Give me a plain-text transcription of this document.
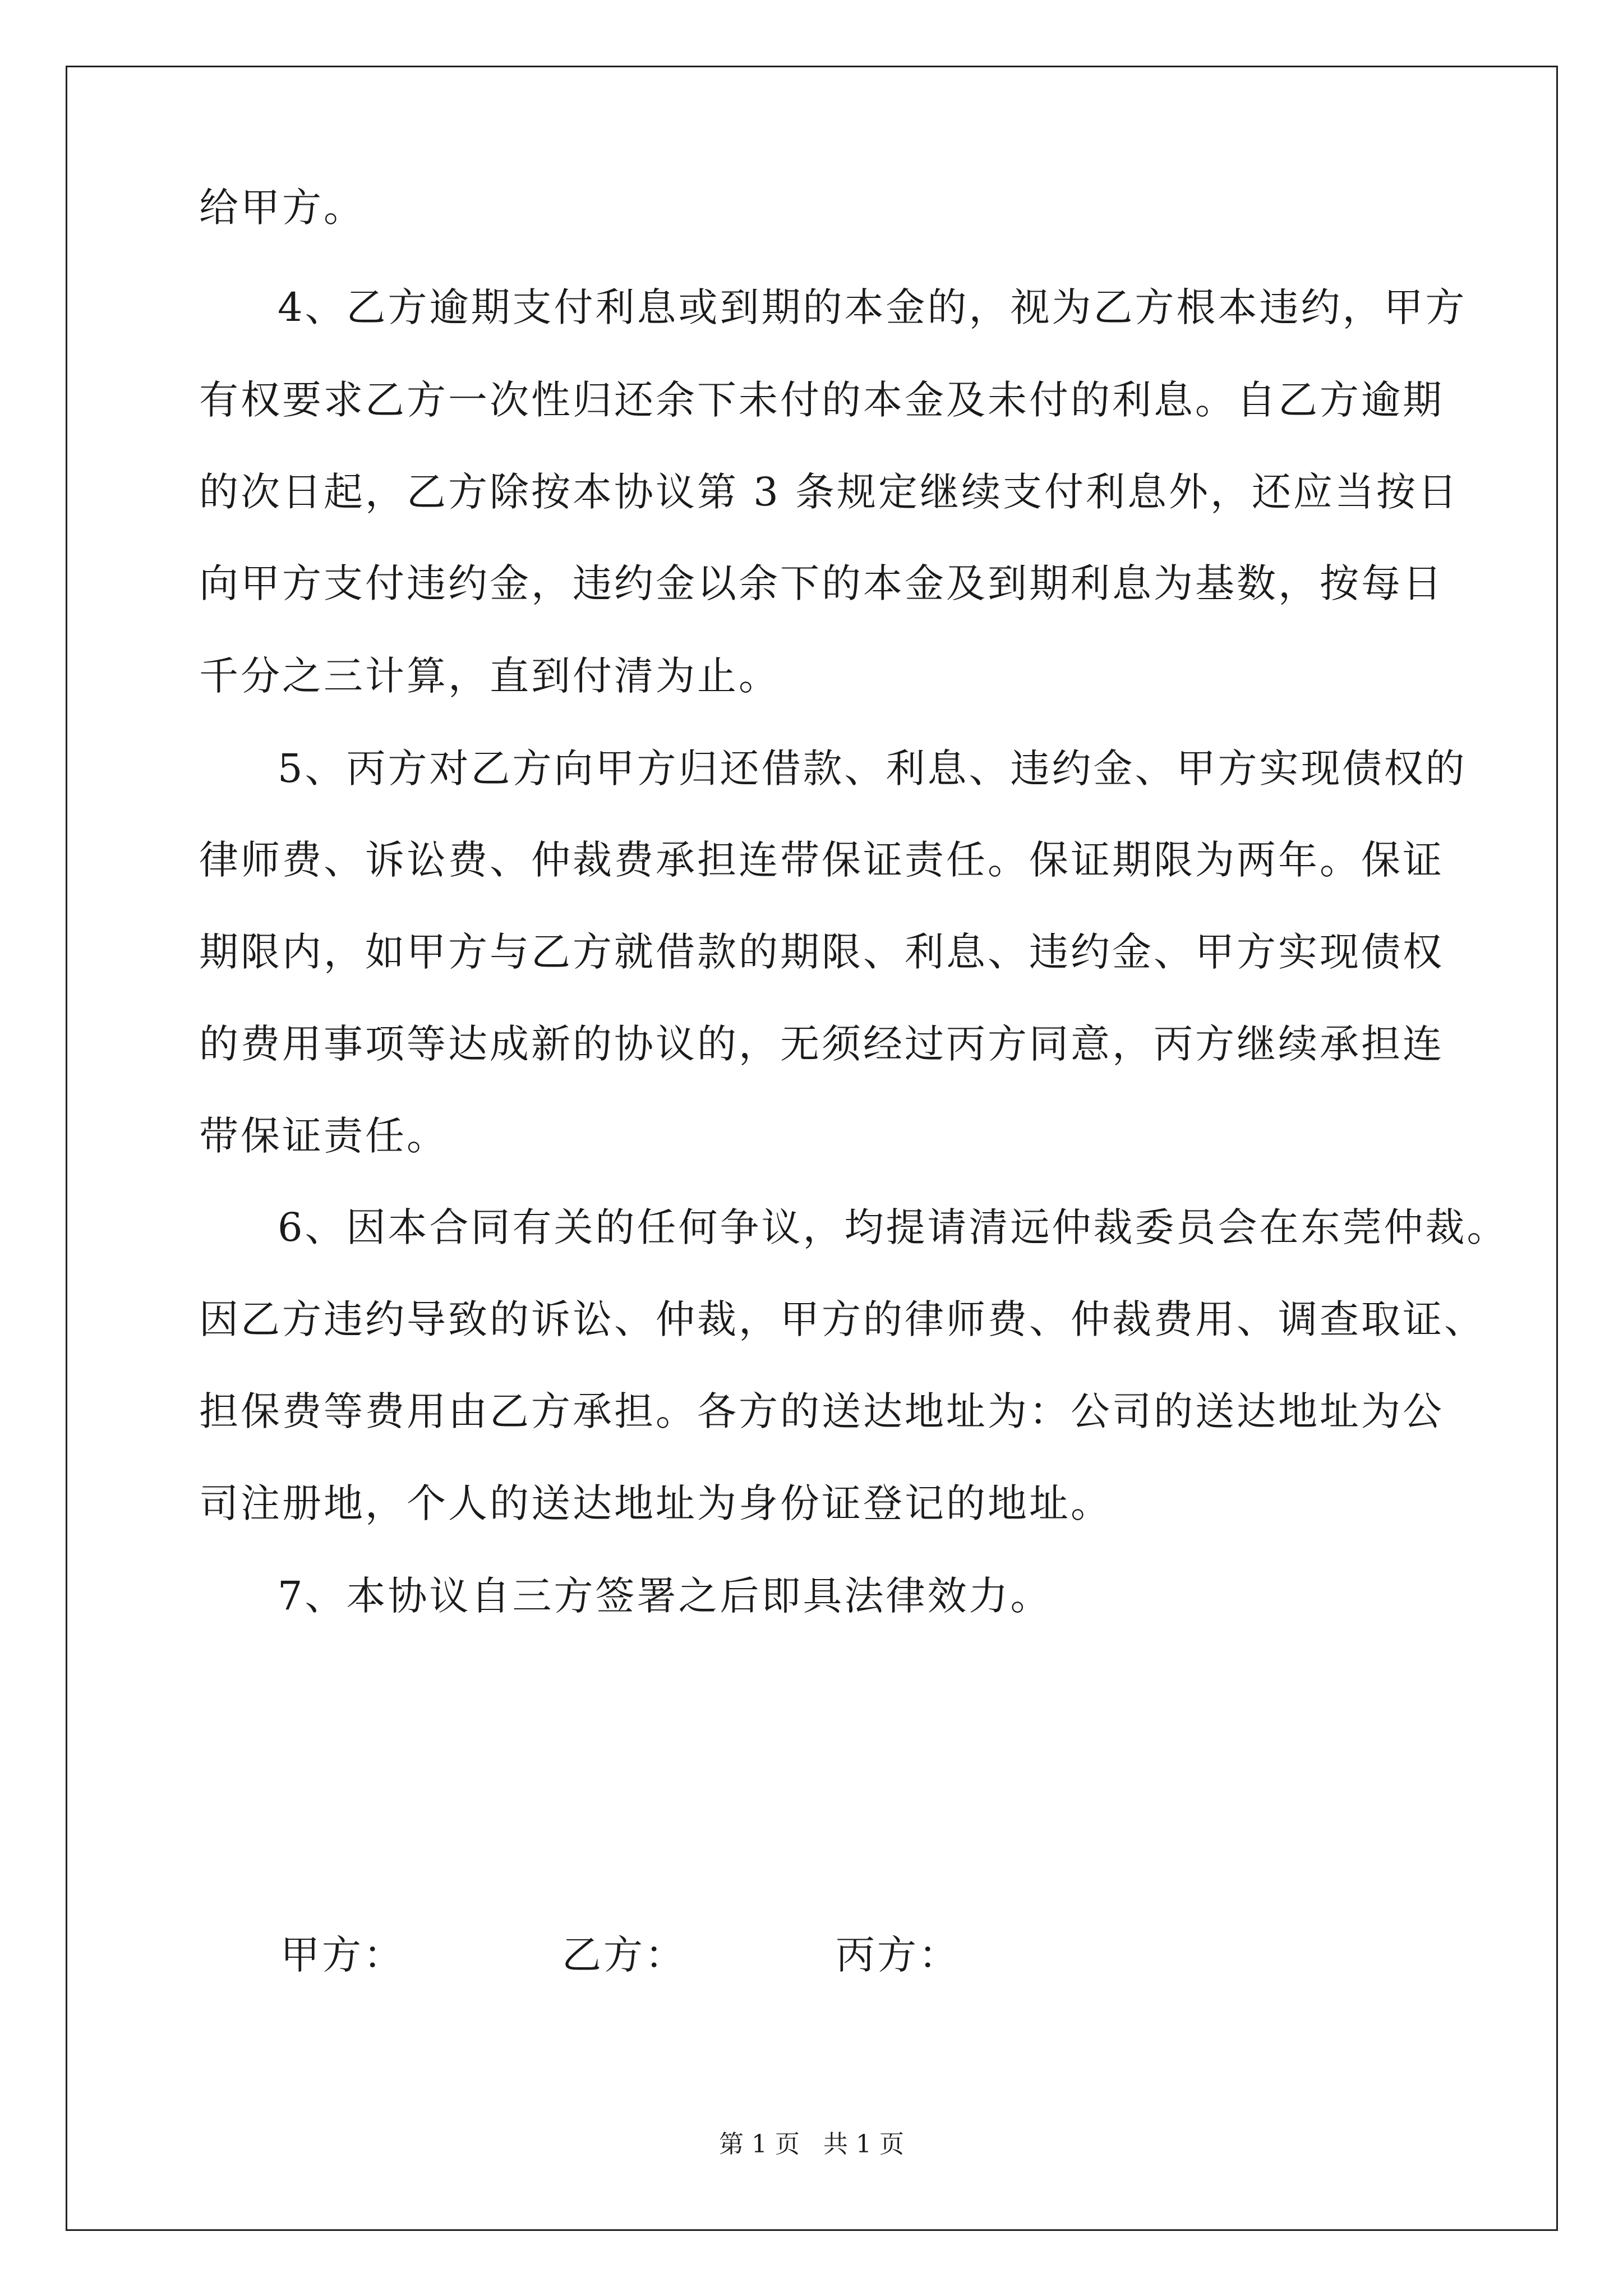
给甲方。
4、乙方逾期支付利息或到期的本金的，视为乙方根本违约，甲方
有权要求乙方一次性归还余下未付的本金及未付的利息。自乙方逾期
的次日起，乙方除按本协议第 3 条规定继续支付利息外，还应当按日
向甲方支付违约金，违约金以余下的本金及到期利息为基数，按每日
千分之三计算，直到付清为止。
5、丙方对乙方向甲方归还借款、利息、违约金、甲方实现债权的
律师费、诉讼费、仲裁费承担连带保证责任。保证期限为两年。保证
期限内，如甲方与乙方就借款的期限、利息、违约金、甲方实现债权
的费用事项等达成新的协议的，无须经过丙方同意，丙方继续承担连
带保证责任。
6、因本合同有关的任何争议，均提请清远仲裁委员会在东莞仲裁。
因乙方违约导致的诉讼、仲裁，甲方的律师费、仲裁费用、调查取证、
担保费等费用由乙方承担。各方的送达地址为：公司的送达地址为公
司注册地，个人的送达地址为身份证登记的地址。
7、本协议自三方签署之后即具法律效力。
甲方：	乙方：	丙方：
第 1 页 共 1 页
